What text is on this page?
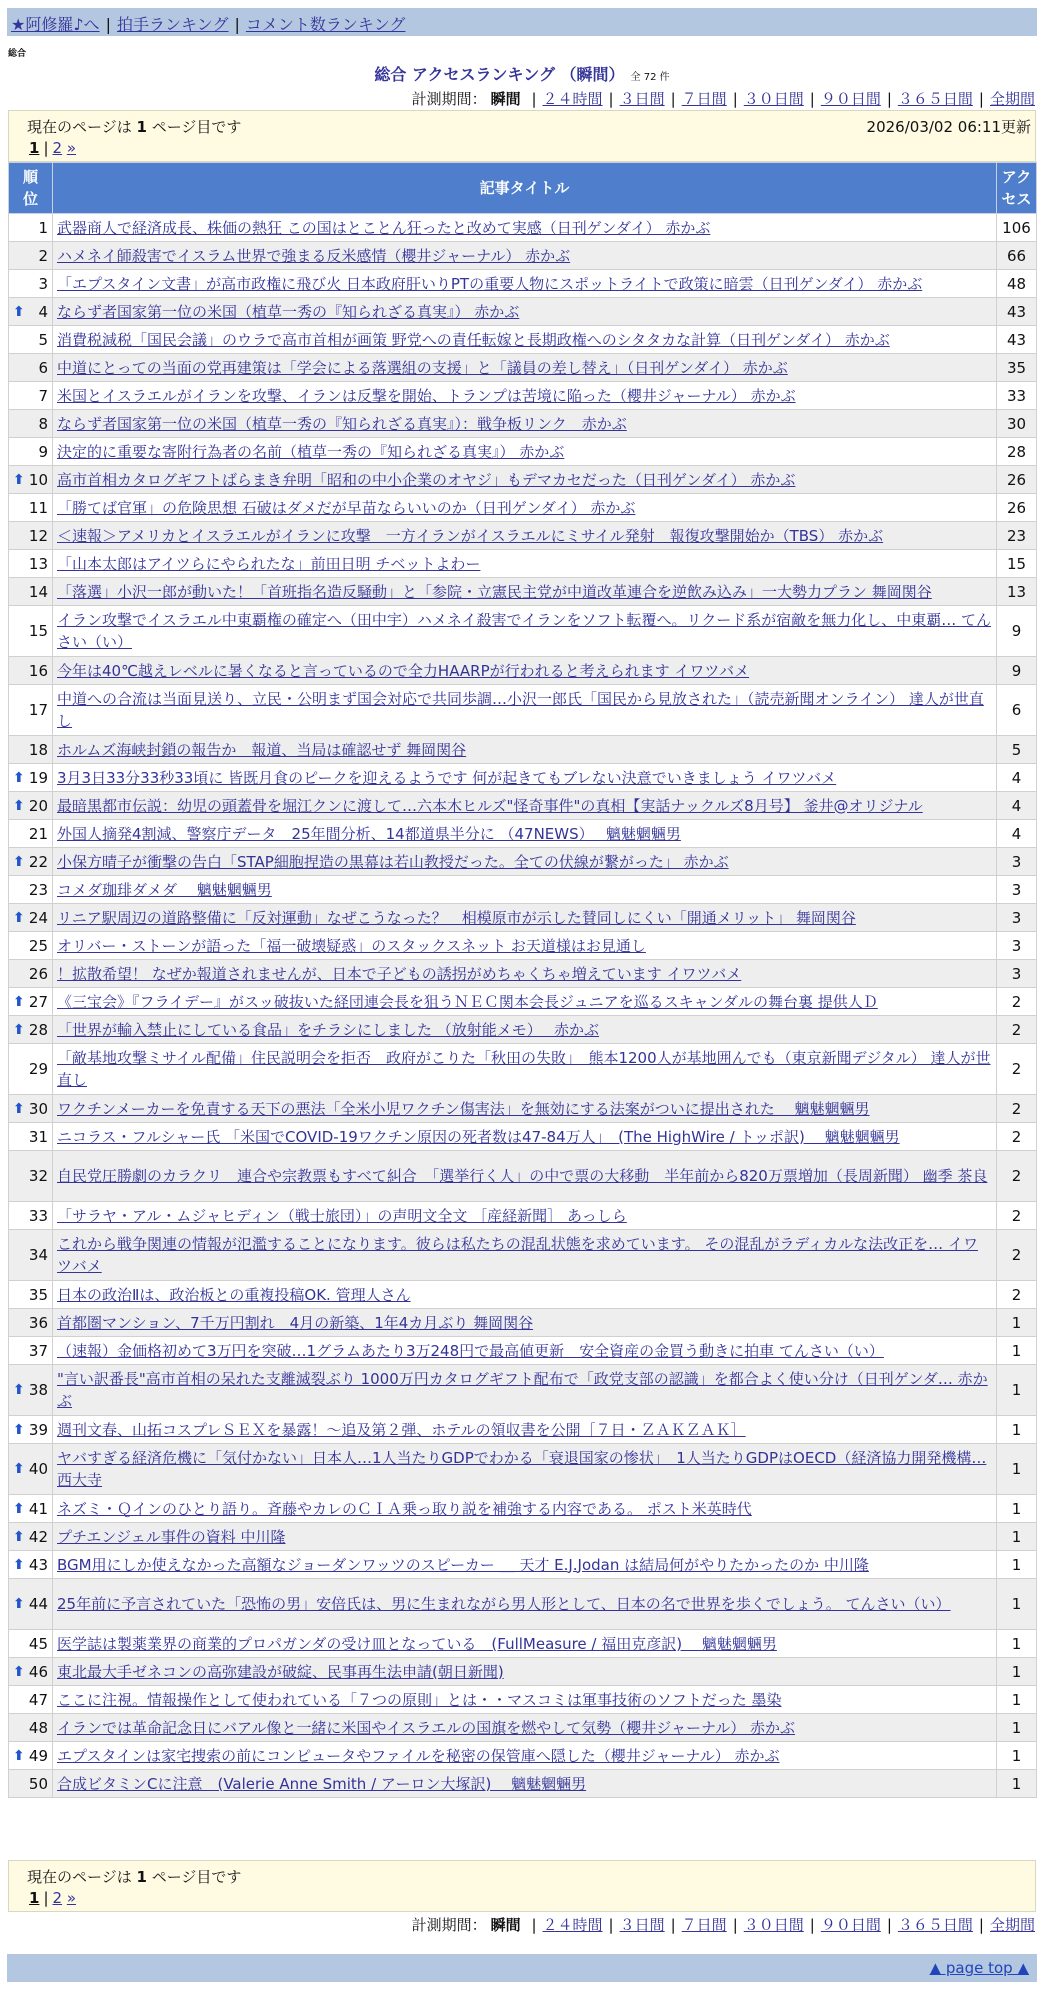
★阿修羅♪へ | 拍手ランキング | コメント数ランキング
総合
総合 アクセスランキング （瞬間） 全 72 件
計測期間： 瞬間 | ２４時間 | ３日間 | ７日間 | ３０日間 | ９０日間 | ３６５日間 | 全期間
現在のページは 1 ページ目です	2026/03/02 06:11更新
1 | 2 »
順
位	記事タイトル	アク
セス
1	武器商人で経済成長、株価の熱狂 この国はとことん狂ったと改めて実感（日刊ゲンダイ） 赤かぶ	106
2	ハメネイ師殺害でイスラム世界で強まる反米感情（櫻井ジャーナル） 赤かぶ	66
3	「エプスタイン文書」が高市政権に飛び火 日本政府肝いりPTの重要人物にスポットライトで政策に暗雲（日刊ゲンダイ） 赤かぶ	48

⬆ 4	ならず者国家第一位の米国（植草一秀の『知られざる真実』） 赤かぶ	43
5	消費税減税「国民会議」のウラで高市首相が画策 野党への責任転嫁と長期政権へのシタタカな計算（日刊ゲンダイ） 赤かぶ	43
6	中道にとっての当面の党再建策は「学会による落選組の支援」と「議員の差し替え」（日刊ゲンダイ） 赤かぶ	35
7	米国とイスラエルがイランを攻撃、イランは反撃を開始、トランプは苦境に陥った（櫻井ジャーナル） 赤かぶ	33
8	ならず者国家第一位の米国（植草一秀の『知られざる真実』）：戦争板リンク　赤かぶ	30
9	決定的に重要な寄附行為者の名前（植草一秀の『知られざる真実』） 赤かぶ	28

⬆ 10	高市首相カタログギフトばらまき弁明「昭和の中小企業のオヤジ」もデマカセだった（日刊ゲンダイ） 赤かぶ	26
11	「勝てば官軍」の危険思想 石破はダメだが早苗ならいいのか（日刊ゲンダイ） 赤かぶ	26
12	＜速報＞アメリカとイスラエルがイランに攻撃　一方イランがイスラエルにミサイル発射　報復攻撃開始か（TBS） 赤かぶ	23
13	「山本太郎はアイツらにやられたな」前田日明 チベットよわー	15
14	「落選」小沢一郎が動いた！「首班指名造反騒動」と「参院・立憲民主党が中道改革連合を逆飲み込み」一大勢力プラン 舞岡関谷	13
15	イラン攻撃でイスラエル中東覇権の確定へ（田中宇）ハメネイ殺害でイランをソフト転覆へ。リクード系が宿敵を無力化し、中東覇… てんさい（い）	9
16	今年は40℃越えレベルに暑くなると言っているので全力HAARPが行われると考えられます イワツバメ	9
17	中道への合流は当面見送り、立民・公明まず国会対応で共同歩調…小沢一郎氏「国民から見放された」（読売新聞オンライン） 達人が世直し	6
18	ホルムズ海峡封鎖の報告か　報道、当局は確認せず 舞岡関谷	5

⬆ 19	3月3日33分33秒33頃に 皆既月食のピークを迎えるようです 何が起きてもブレない決意でいきましょう イワツバメ	4

⬆ 20	最暗黒都市伝説：幼児の頭蓋骨を堀江クンに渡して…六本木ヒルズ"怪奇事件"の真相【実話ナックルズ8月号】 釜井@オリジナル	4
21	外国人摘発4割減、警察庁データ　25年間分析、14都道県半分に （47NEWS）　 魑魅魍魎男	4

⬆ 22	小保方晴子が衝撃の告白「STAP細胞捏造の黒幕は若山教授だった。全ての伏線が繋がった」 赤かぶ	3
23	コメダ珈琲ダメダ　 魑魅魍魎男	3

⬆ 24	リニア駅周辺の道路整備に「反対運動」なぜこうなった？　相模原市が示した賛同しにくい「開通メリット」 舞岡関谷	3
25	オリバー・ストーンが語った「福一破壊疑惑」のスタックスネット お天道様はお見通し	3
26	！拡散希望！ なぜか報道されませんが、日本で子どもの誘拐がめちゃくちゃ増えています イワツバメ	3

⬆ 27	《三宝会》『フライデー』がスッ破抜いた経団連会長を狙うＮＥＣ関本会長ジュニアを巡るスキャンダルの舞台裏 提供人Ｄ	2

⬆ 28	「世界が輸入禁止にしている食品」をチラシにしました （放射能メモ）　 赤かぶ	2
29	「敵基地攻撃ミサイル配備」住民説明会を拒否　政府がこりた「秋田の失敗」　熊本1200人が基地囲んでも（東京新聞デジタル） 達人が世直し	2

⬆ 30	ワクチンメーカーを免責する天下の悪法「全米小児ワクチン傷害法」を無効にする法案がついに提出された　 魑魅魍魎男	2
31	ニコラス・フルシャー氏 「米国でCOVID-19ワクチン原因の死者数は47-84万人」　(The HighWire / トッポ訳)　 魑魅魍魎男	2
32	自民党圧勝劇のカラクリ　連合や宗教票もすべて糾合　「選挙行く人」の中で票の大移動　半年前から820万票増加（長周新聞） 幽季 茶良	2
33	「サラヤ・アル・ムジャヒディン（戦士旅団）」の声明文全文 ［産経新聞］ あっしら	2
34	これから戦争関連の情報が氾濫することになります。彼らは私たちの混乱状態を求めています。 その混乱がラディカルな法改正を… イワツバメ	2
35	日本の政治Ⅱは、政治板との重複投稿OK. 管理人さん	2
36	首都圏マンション、7千万円割れ　4月の新築、1年4カ月ぶり 舞岡関谷	1
37	（速報）金価格初めて3万円を突破…1グラムあたり3万248円で最高値更新　安全資産の金買う動きに拍車 てんさい（い）	1

⬆ 38	"言い訳番長"高市首相の呆れた支離滅裂ぶり 1000万円カタログギフト配布で「政党支部の認識」を都合よく使い分け（日刊ゲンダ… 赤かぶ	1

⬆ 39	週刊文春、山拓コスプレＳＥＸを暴露！～追及第２弾、ホテルの領収書を公開［７日・ＺＡＫＺＡＫ］	1

⬆ 40	ヤバすぎる経済危機に「気付かない」日本人…1人当たりGDPでわかる「衰退国家の惨状」　1人当たりGDPはOECD（経済協力開発機構… 西大寺	1

⬆ 41	ネズミ・Ｑインのひとり語り。斉藤やカレのＣＩＡ乗っ取り説を補強する内容である。 ポスト米英時代	1

⬆ 42	プチエンジェル事件の資料 中川隆	1

⬆ 43	BGM用にしか使えなかった高額なジョーダンワッツのスピーカー ＿ 天才 E.J.Jodan は結局何がやりたかったのか 中川隆	1

⬆ 44	25年前に予言されていた「恐怖の男」安倍氏は、男に生まれながら男人形として、日本の名で世界を歩くでしょう。 てんさい（い）	1
45	医学誌は製薬業界の商業的プロパガンダの受け皿となっている　(FullMeasure / 福田克彦訳)　 魑魅魍魎男	1

⬆ 46	東北最大手ゼネコンの高弥建設が破綻、民事再生法申請(朝日新聞)	1
47	ここに注視。情報操作として使われている「７つの原則」とは・・マスコミは軍事技術のソフトだった 墨染	1
48	イランでは革命記念日にバアル像と一緒に米国やイスラエルの国旗を燃やして気勢（櫻井ジャーナル） 赤かぶ	1

⬆ 49	エプスタインは家宅捜索の前にコンピュータやファイルを秘密の保管庫へ隠した（櫻井ジャーナル） 赤かぶ	1
50	合成ビタミンCに注意　(Valerie Anne Smith / アーロン大塚訳)　 魑魅魍魎男	1
現在のページは 1 ページ目です
1 | 2 »
計測期間： 瞬間 | ２４時間 | ３日間 | ７日間 | ３０日間 | ９０日間 | ３６５日間 | 全期間
▲ page top ▲
